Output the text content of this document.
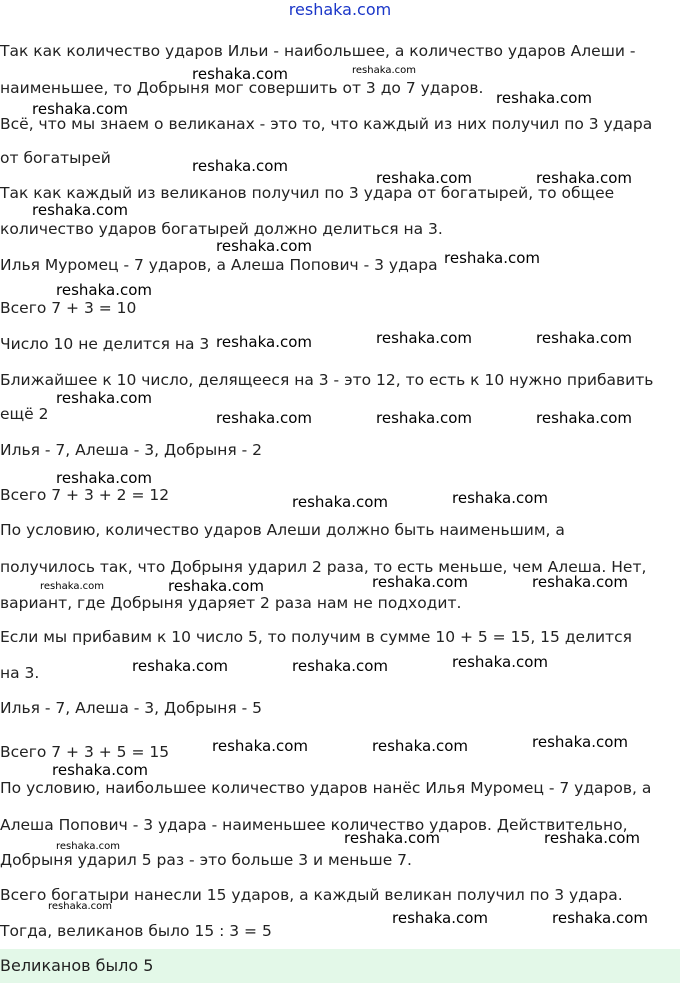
reshaka.com
Так как количество ударов Ильи - наибольшее, а количество ударов Алеши -
наименьшее, то Добрыня мог совершить от 3 до 7 ударов.
Всё, что мы знаем о великанах - это то, что каждый из них получил по 3 удара
от богатырей
Так как каждый из великанов получил по 3 удара от богатырей, то общее
количество ударов богатырей должно делиться на 3.
Илья Муромец - 7 ударов, а Алеша Попович - 3 удара
Всего 7 + 3 = 10
Число 10 не делится на 3
Ближайшее к 10 число, делящееся на 3 - это 12, то есть к 10 нужно прибавить
ещё 2
Илья - 7, Алеша - 3, Добрыня - 2
Всего 7 + 3 + 2 = 12
По условию, количество ударов Алеши должно быть наименьшим, а
получилось так, что Добрыня ударил 2 раза, то есть меньше, чем Алеша. Нет,
вариант, где Добрыня ударяет 2 раза нам не подходит.
Если мы прибавим к 10 число 5, то получим в сумме 10 + 5 = 15, 15 делится
на 3.
Илья - 7, Алеша - 3, Добрыня - 5
Всего 7 + 3 + 5 = 15
По условию, наибольшее количество ударов нанёс Илья Муромец - 7 ударов, а
Алеша Попович - 3 удара - наименьшее количество ударов. Действительно,
Добрыня ударил 5 раз - это больше 3 и меньше 7.
Всего богатыри нанесли 15 ударов, а каждый великан получил по 3 удара.
Тогда, великанов было 15 : 3 = 5
Великанов было 5
reshaka.com	reshaka.com
reshaka.com
reshaka.com
reshaka.com
reshaka.com	reshaka.com
reshaka.com
reshaka.com
reshaka.com
reshaka.com
reshaka.com	reshaka.com	reshaka.com
reshaka.com
reshaka.com	reshaka.com	reshaka.com
reshaka.com
reshaka.com	reshaka.com
reshaka.com	reshaka.com	reshaka.com	reshaka.com
reshaka.com	reshaka.com	reshaka.com
reshaka.com	reshaka.com	reshaka.com
reshaka.com
reshaka.com	reshaka.com
reshaka.com
reshaka.com
reshaka.com	reshaka.com
